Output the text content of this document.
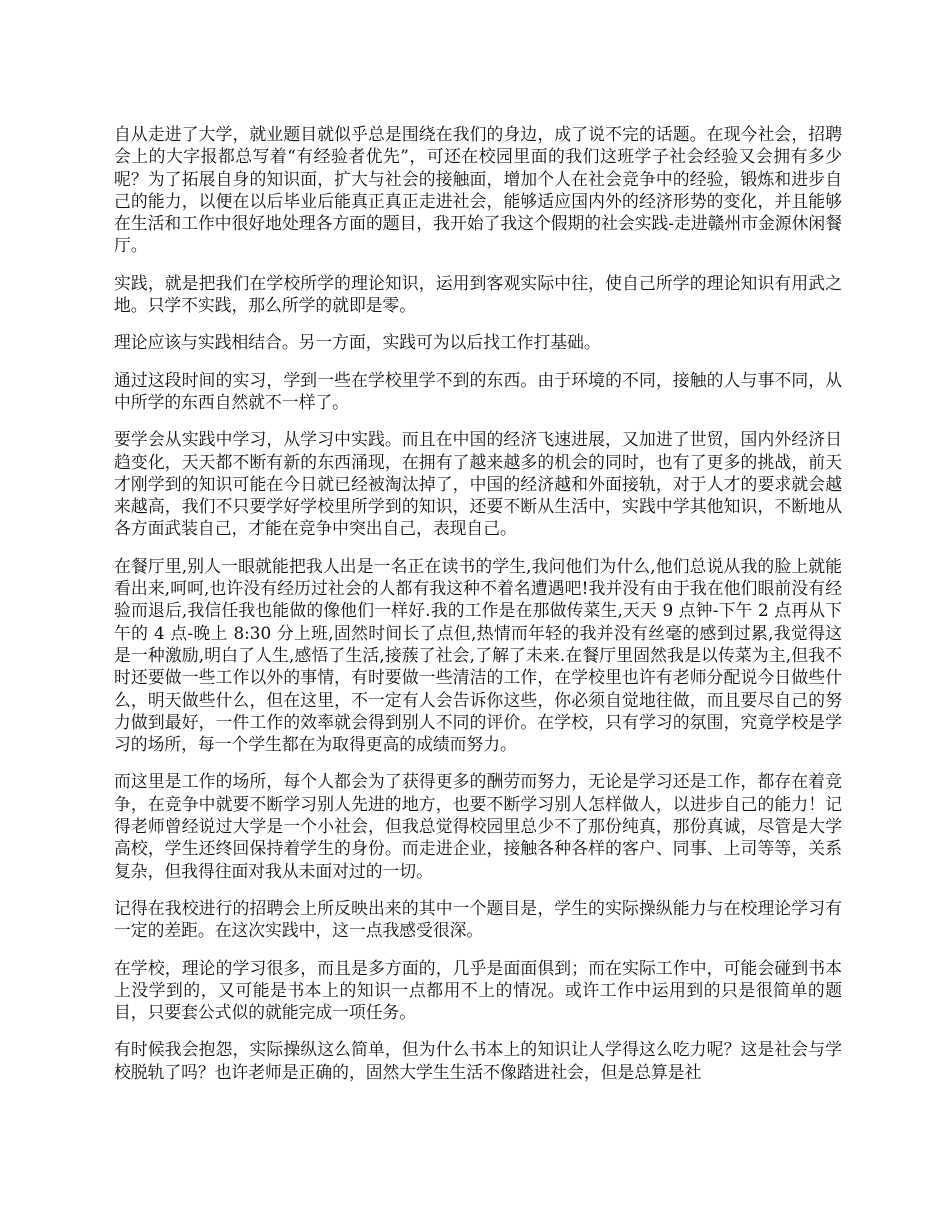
自从走进了大学，就业题目就似乎总是围绕在我们的身边，成了说不完的话题。在现今社会，招聘会上的大字报都总写着“有经验者优先”，可还在校园里面的我们这班学子社会经验又会拥有多少呢？为了拓展自身的知识面，扩大与社会的接触面，增加个人在社会竞争中的经验，锻炼和进步自己的能力，以便在以后毕业后能真正真正走进社会，能够适应国内外的经济形势的变化，并且能够在生活和工作中很好地处理各方面的题目，我开始了我这个假期的社会实践-走进赣州市金源休闲餐厅。

实践，就是把我们在学校所学的理论知识，运用到客观实际中往，使自己所学的理论知识有用武之地。只学不实践，那么所学的就即是零。

理论应该与实践相结合。另一方面，实践可为以后找工作打基础。

通过这段时间的实习，学到一些在学校里学不到的东西。由于环境的不同，接触的人与事不同，从中所学的东西自然就不一样了。

要学会从实践中学习，从学习中实践。而且在中国的经济飞速进展，又加进了世贸，国内外经济日趋变化，天天都不断有新的东西涌现，在拥有了越来越多的机会的同时，也有了更多的挑战，前天才刚学到的知识可能在今日就已经被淘汰掉了，中国的经济越和外面接轨，对于人才的要求就会越来越高，我们不只要学好学校里所学到的知识，还要不断从生活中，实践中学其他知识，不断地从各方面武装自己，才能在竞争中突出自己，表现自己。

在餐厅里,别人一眼就能把我人出是一名正在读书的学生,我问他们为什么,他们总说从我的脸上就能看出来,呵呵,也许没有经历过社会的人都有我这种不着名遭遇吧!我并没有由于我在他们眼前没有经验而退后,我信任我也能做的像他们一样好.我的工作是在那做传菜生,天天 9 点钟-下午 2 点再从下午的 4 点-晚上 8:30 分上班,固然时间长了点但,热情而年轻的我并没有丝毫的感到过累,我觉得这是一种激励,明白了人生,感悟了生活,接蔟了社会,了解了未来.在餐厅里固然我是以传菜为主,但我不时还要做一些工作以外的事情，有时要做一些清洁的工作，在学校里也许有老师分配说今日做些什么，明天做些什么，但在这里，不一定有人会告诉你这些，你必须自觉地往做，而且要尽自己的努力做到最好，一件工作的效率就会得到别人不同的评价。在学校，只有学习的氛围，究竟学校是学习的场所，每一个学生都在为取得更高的成绩而努力。

而这里是工作的场所，每个人都会为了获得更多的酬劳而努力，无论是学习还是工作，都存在着竞争，在竞争中就要不断学习别人先进的地方，也要不断学习别人怎样做人，以进步自己的能力！记得老师曾经说过大学是一个小社会，但我总觉得校园里总少不了那份纯真，那份真诚，尽管是大学高校，学生还终回保持着学生的身份。而走进企业，接触各种各样的客户、同事、上司等等，关系复杂，但我得往面对我从未面对过的一切。

记得在我校进行的招聘会上所反映出来的其中一个题目是，学生的实际操纵能力与在校理论学习有一定的差距。在这次实践中，这一点我感受很深。

在学校，理论的学习很多，而且是多方面的，几乎是面面俱到；而在实际工作中，可能会碰到书本上没学到的，又可能是书本上的知识一点都用不上的情况。或许工作中运用到的只是很简单的题目，只要套公式似的就能完成一项任务。

有时候我会抱怨，实际操纵这么简单，但为什么书本上的知识让人学得这么吃力呢？这是社会与学校脱轨了吗？也许老师是正确的，固然大学生生活不像踏进社会，但是总算是社
